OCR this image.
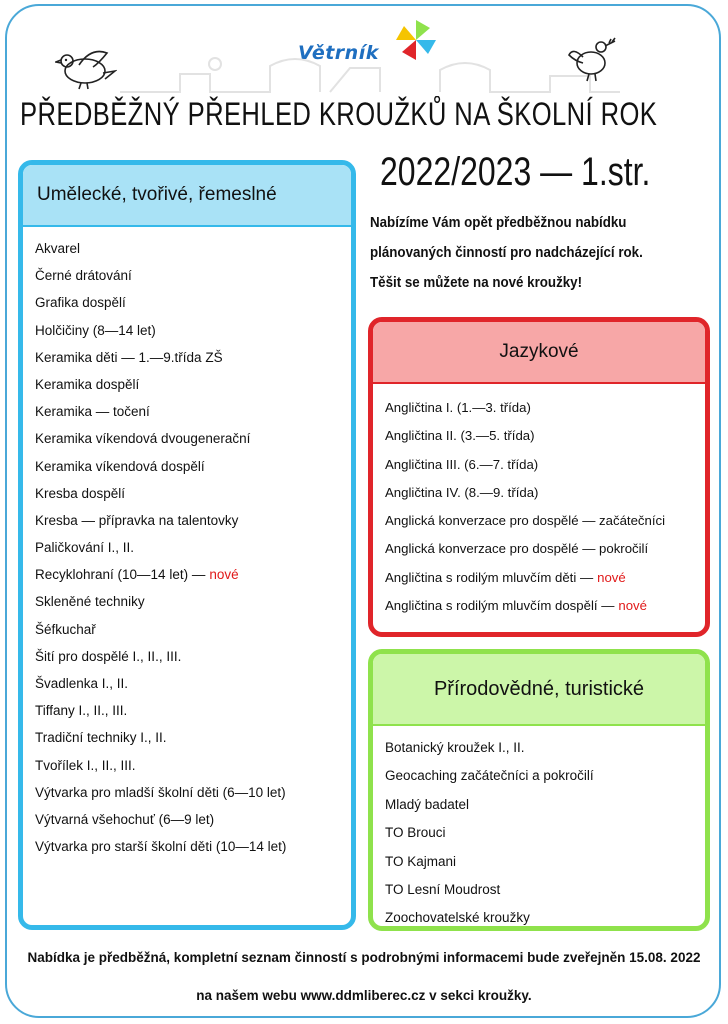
Větrník
PŘEDBĚŽNÝ PŘEHLED KROUŽKŮ NA ŠKOLNÍ ROK
2022/2023 — 1.str.
Nabízíme Vám opět předběžnou nabídku
plánovaných činností pro nadcházející rok.
Těšit se můžete na nové kroužky!
Umělecké, tvořivé, řemeslné
Akvarel
Černé drátování
Grafika dospělí
Holčičiny (8—14 let)
Keramika děti — 1.—9.třída ZŠ
Keramika dospělí
Keramika — točení
Keramika víkendová dvougenerační
Keramika víkendová dospělí
Kresba dospělí
Kresba — přípravka na talentovky
Paličkování I., II.
Recyklohraní (10—14 let) — nové
Skleněné techniky
Šéfkuchař
Šití pro dospělé I., II., III.
Švadlenka I., II.
Tiffany I., II., III.
Tradiční techniky I., II.
Tvořílek I., II., III.
Výtvarka pro mladší školní děti (6—10 let)
Výtvarná všehochuť (6—9 let)
Výtvarka pro starší školní děti (10—14 let)
Jazykové
Angličtina I. (1.—3. třída)
Angličtina II. (3.—5. třída)
Angličtina III. (6.—7. třída)
Angličtina IV. (8.—9. třída)
Anglická konverzace pro dospělé — začátečníci
Anglická konverzace pro dospělé — pokročilí
Angličtina s rodilým mluvčím děti — nové
Angličtina s rodilým mluvčím dospělí — nové
Přírodovědné, turistické
Botanický kroužek I., II.
Geocaching začátečníci a pokročilí
Mladý badatel
TO Brouci
TO Kajmani
TO Lesní Moudrost
Zoochovatelské kroužky
Nabídka je předběžná, kompletní seznam činností s podrobnými informacemi bude zveřejněn 15.08. 2022
na našem webu www.ddmliberec.cz v sekci kroužky.
